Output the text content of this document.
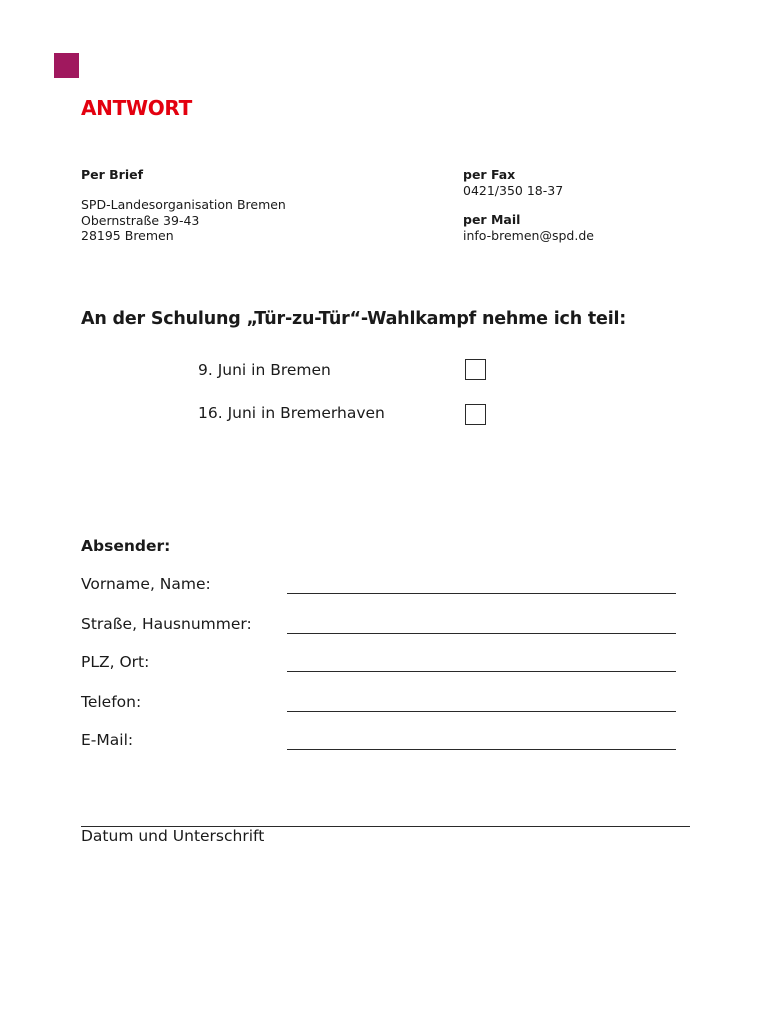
ANTWORT
Per Brief
SPD-Landesorganisation Bremen
Obernstraße 39-43
28195 Bremen
per Fax
0421/350 18-37
per Mail
info-bremen@spd.de
An der Schulung „Tür-zu-Tür“-Wahlkampf nehme ich teil:
9. Juni in Bremen
16. Juni in Bremerhaven
Absender:
Vorname, Name:
Straße, Hausnummer:
PLZ, Ort:
Telefon:
E-Mail:
Datum und Unterschrift
